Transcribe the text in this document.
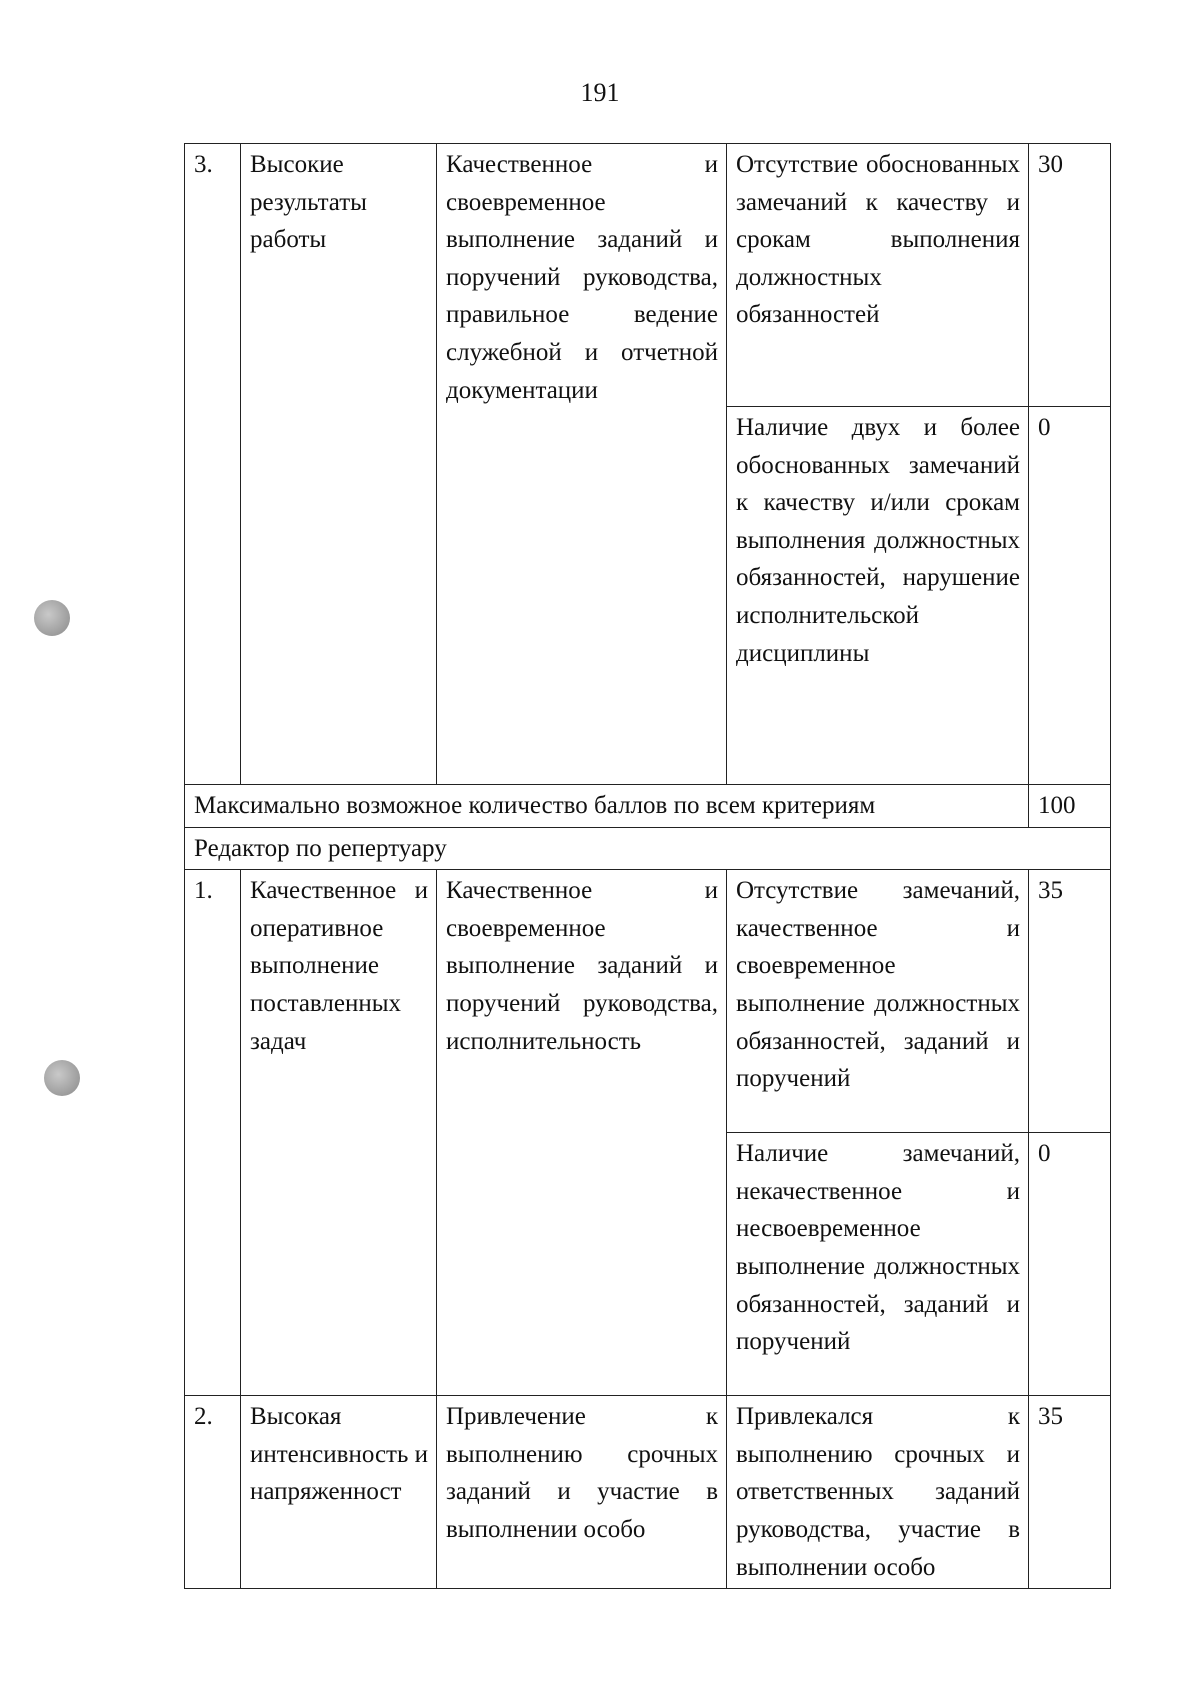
191
3.	Высокие результаты работы	Качественное и своевременное выполнение заданий и поручений руководства, правильное ведение служебной и отчетной документации	Отсутствие обоснованных замечаний к качеству и срокам выполнения должностных обязанностей	30
			Наличие двух и более обоснованных замечаний к качеству и/или срокам выполнения должностных обязанностей, нарушение исполнительской дисциплины	0
Максимально возможное количество баллов по всем критериям				100
Редактор по репертуару				
1.	Качественное и оперативное выполнение поставленных задач	Качественное и своевременное выполнение заданий и поручений руководства, исполнительность	Отсутствие замечаний, качественное и своевременное выполнение должностных обязанностей, заданий и поручений	35
			Наличие замечаний, некачественное и несвоевременное выполнение должностных обязанностей, заданий и поручений	0
2.	Высокая интенсивность и напряженност	Привлечение к выполнению срочных заданий и участие в выполнении особо	Привлекался к выполнению срочных и ответственных заданий руководства, участие в выполнении особо	35
